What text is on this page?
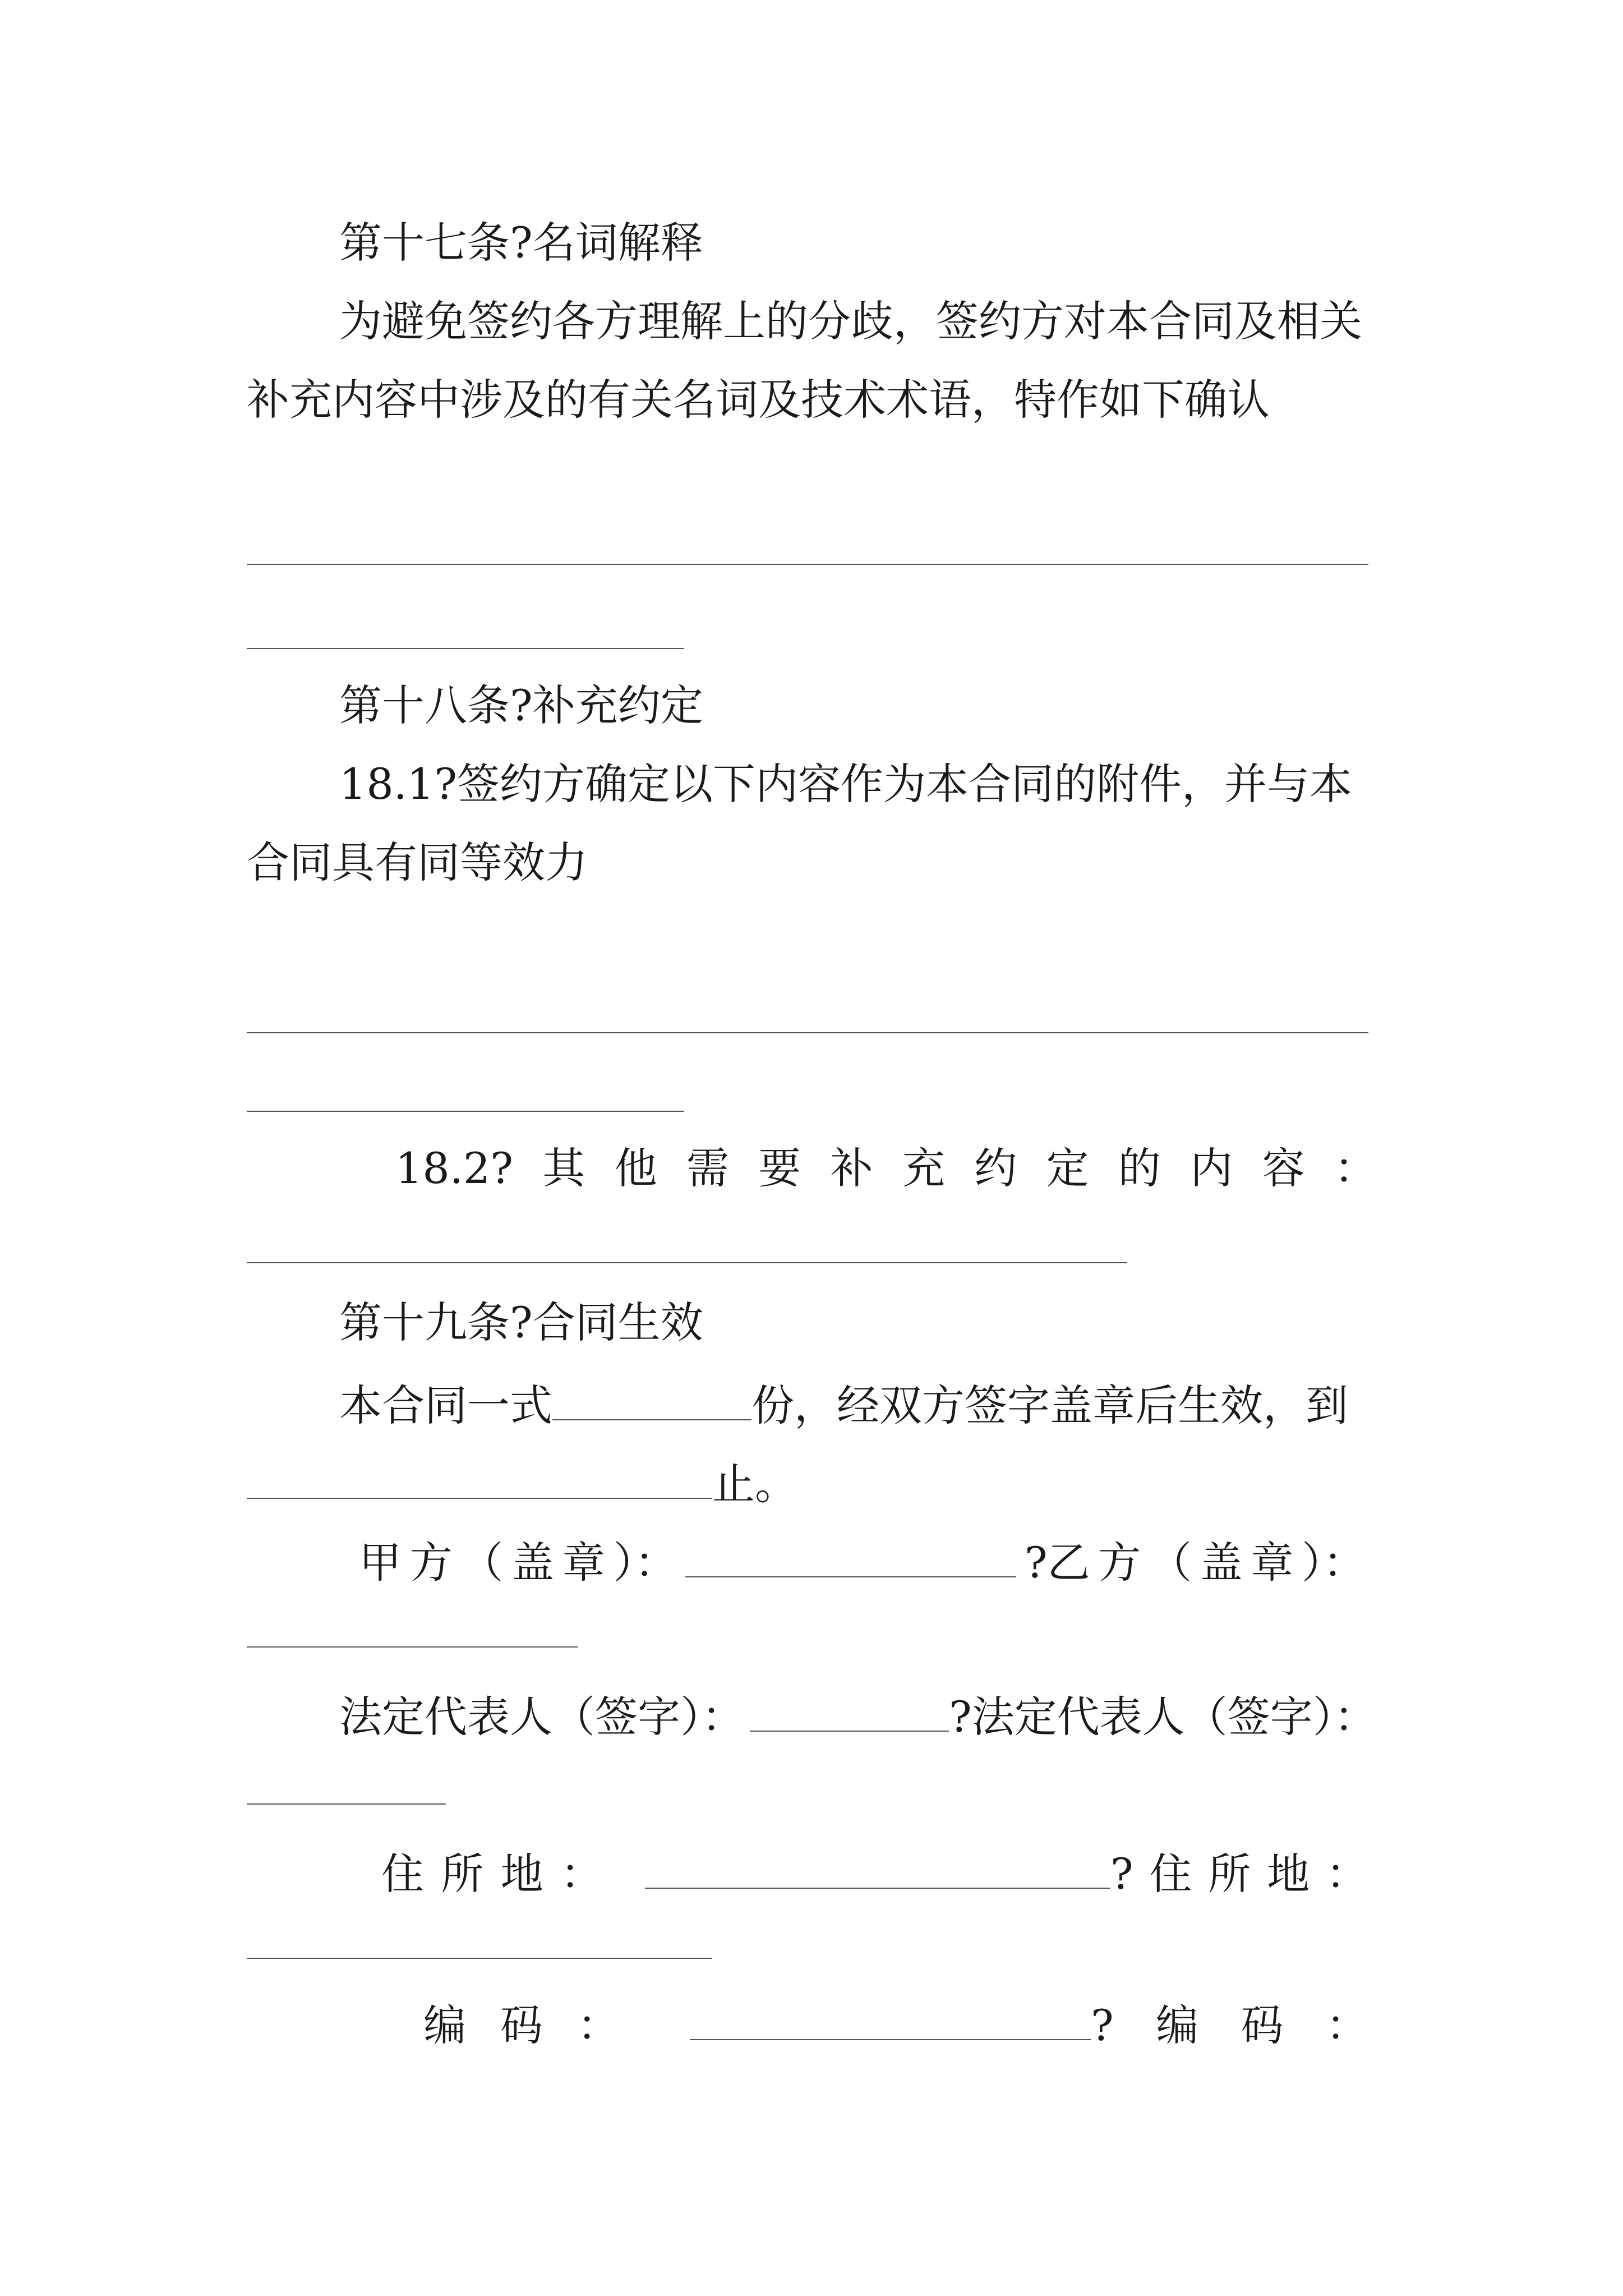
第十七条?名词解释
为避免签约各方理解上的分歧，签约方对本合同及相关
补充内容中涉及的有关名词及技术术语，特作如下确认
第十八条?补充约定
18.1?签约方确定以下内容作为本合同的附件，并与本
合同具有同等效力
18.2? 其 他 需 要 补 充 约 定 的 内 容 ：
第十九条?合同生效
本合同一式	份，经双方签字盖章后生效，到
止。
甲 方 （ 盖 章 ）：	?乙 方 （ 盖 章 ）：
法定代表人（签字）：	?法定代表人（签字）：
住 所 地 ：	? 住 所 地 ：
编 码 ：	? 编 码 ：
